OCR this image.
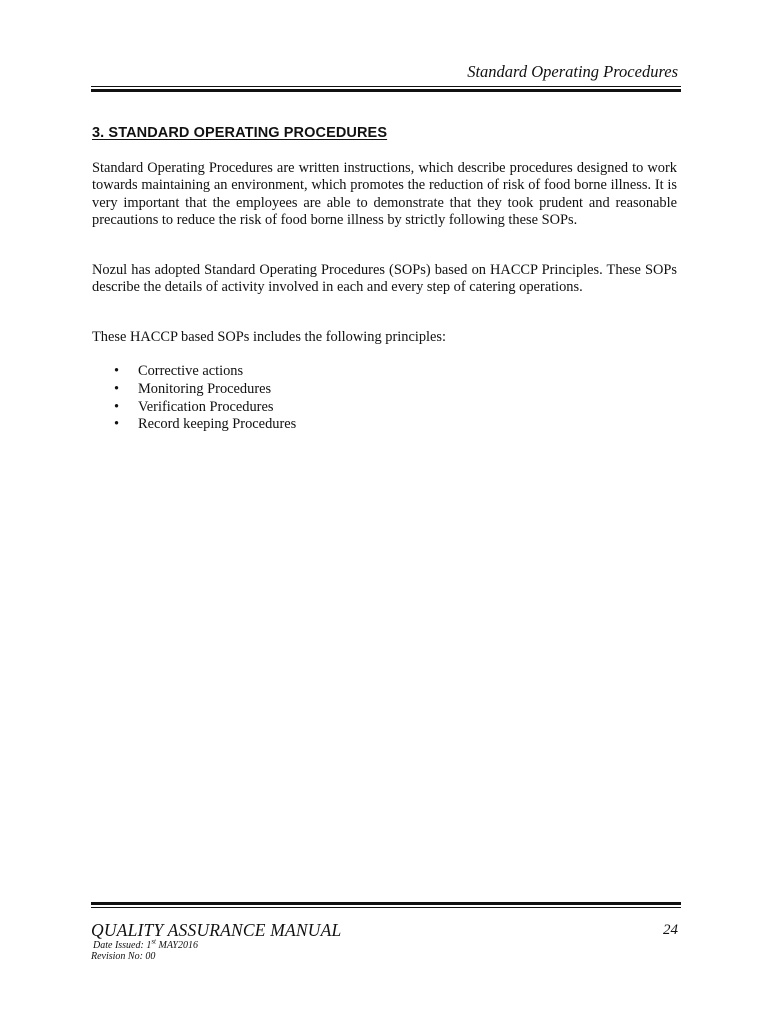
Standard Operating Procedures
3. STANDARD OPERATING PROCEDURES
Standard Operating Procedures are written instructions, which describe procedures designed to work towards maintaining an environment, which promotes the reduction of risk of food borne illness. It is very important that the employees are able to demonstrate that they took prudent and reasonable precautions to reduce the risk of food borne illness by strictly following these SOPs.
Nozul has adopted Standard Operating Procedures (SOPs) based on HACCP Principles. These SOPs describe the details of activity involved in each and every step of catering operations.
These HACCP based SOPs includes the following principles:
• Corrective actions
• Monitoring Procedures
• Verification Procedures
• Record keeping Procedures
QUALITY ASSURANCE MANUAL	24
Date Issued: 1st MAY2016
Revision No: 00
